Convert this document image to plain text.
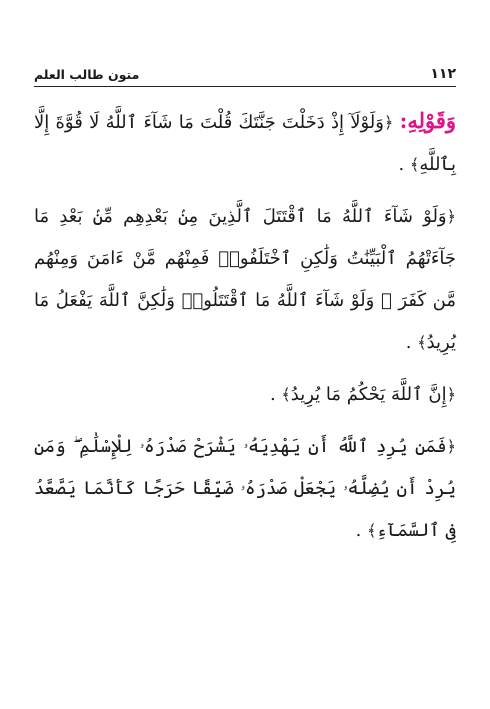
١١٢
متون طالب العلم

وَقَوْلِهِ: ﴿وَلَوْلَآ إِذْ دَخَلْتَ جَنَّتَكَ قُلْتَ مَا شَآءَ ٱللَّهُ لَا قُوَّةَ إِلَّا بِٱللَّهِ﴾ .

﴿وَلَوْ شَآءَ ٱللَّهُ مَا ٱقْتَتَلَ ٱلَّذِينَ مِنۢ بَعْدِهِم مِّنۢ بَعْدِ مَا جَآءَتْهُمُ ٱلْبَيِّنَٰتُ وَلَٰكِنِ ٱخْتَلَفُوا۟ فَمِنْهُم مَّنْ ءَامَنَ وَمِنْهُم مَّن كَفَرَ ۚ وَلَوْ شَآءَ ٱللَّهُ مَا ٱقْتَتَلُوا۟ وَلَٰكِنَّ ٱللَّهَ يَفْعَلُ مَا يُرِيدُ﴾ .

﴿إِنَّ ٱللَّهَ يَحْكُمُ مَا يُرِيدُ﴾ .

﴿فَمَن يُرِدِ ٱللَّهُ أَن يَهْدِيَهُۥ يَشْرَحْ صَدْرَهُۥ لِلْإِسْلَٰمِ ۖ وَمَن يُرِدْ أَن يُضِلَّهُۥ يَجْعَلْ صَدْرَهُۥ ضَيِّقًا حَرَجًا كَأَنَّمَا يَصَّعَّدُ فِى ٱلسَّمَآءِ﴾ .
